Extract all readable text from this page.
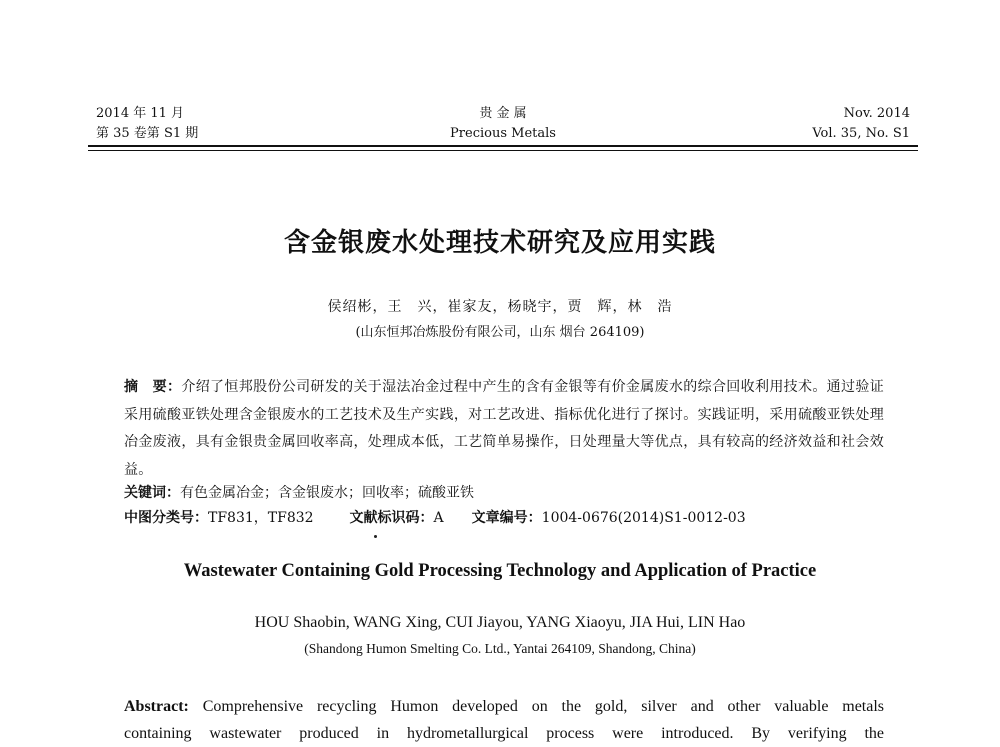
2014 年 11 月
第 35 卷第 S1 期
贵 金 属
Precious Metals
Nov. 2014
Vol. 35, No. S1
含金银废水处理技术研究及应用实践
侯绍彬，王　兴，崔家友，杨晓宇，贾　辉，林　浩
(山东恒邦冶炼股份有限公司，山东 烟台 264109)
摘　要：介绍了恒邦股份公司研发的关于湿法冶金过程中产生的含有金银等有价金属废水的综合回收利用技术。通过验证采用硫酸亚铁处理含金银废水的工艺技术及生产实践，对工艺改进、指标优化进行了探讨。实践证明，采用硫酸亚铁处理冶金废液，具有金银贵金属回收率高，处理成本低，工艺简单易操作，日处理量大等优点，具有较高的经济效益和社会效益。
关键词：有色金属冶金；含金银废水；回收率；硫酸亚铁
中图分类号：TF831，TF832	文献标识码：A 文章编号：1004-0676(2014)S1-0012-03
Wastewater Containing Gold Processing Technology and Application of Practice
HOU Shaobin, WANG Xing, CUI Jiayou, YANG Xiaoyu, JIA Hui, LIN Hao
(Shandong Humon Smelting Co. Ltd., Yantai 264109, Shandong, China)
Abstract: Comprehensive recycling Humon developed on the gold, silver and other valuable metals
containing wastewater produced in hydrometallurgical process were introduced. By verifying the
